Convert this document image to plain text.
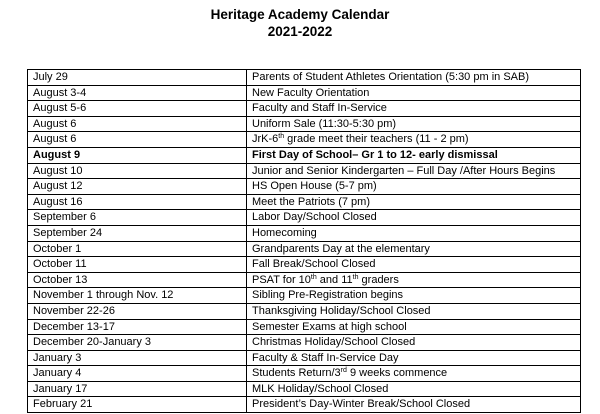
Heritage Academy Calendar
2021-2022
July 29	Parents of Student Athletes Orientation (5:30 pm in SAB)
August 3-4	New Faculty Orientation
August 5-6	Faculty and Staff In-Service
August 6	Uniform Sale (11:30-5:30 pm)
August 6	JrK-6th grade meet their teachers (11 - 2 pm)
August 9	First Day of School– Gr 1 to 12- early dismissal
August 10	Junior and Senior Kindergarten – Full Day /After Hours Begins
August 12	HS Open House (5-7 pm)
August 16	Meet the Patriots (7 pm)
September 6	Labor Day/School Closed
September 24	Homecoming
October 1	Grandparents Day at the elementary
October 11	Fall Break/School Closed
October 13	PSAT for 10th and 11th graders
November 1 through Nov. 12	Sibling Pre-Registration begins
November 22-26	Thanksgiving Holiday/School Closed
December 13-17	Semester Exams at high school
December 20-January 3	Christmas Holiday/School Closed
January 3	Faculty & Staff In-Service Day
January 4	Students Return/3rd 9 weeks commence
January 17	MLK Holiday/School Closed
February 21	President’s Day-Winter Break/School Closed
